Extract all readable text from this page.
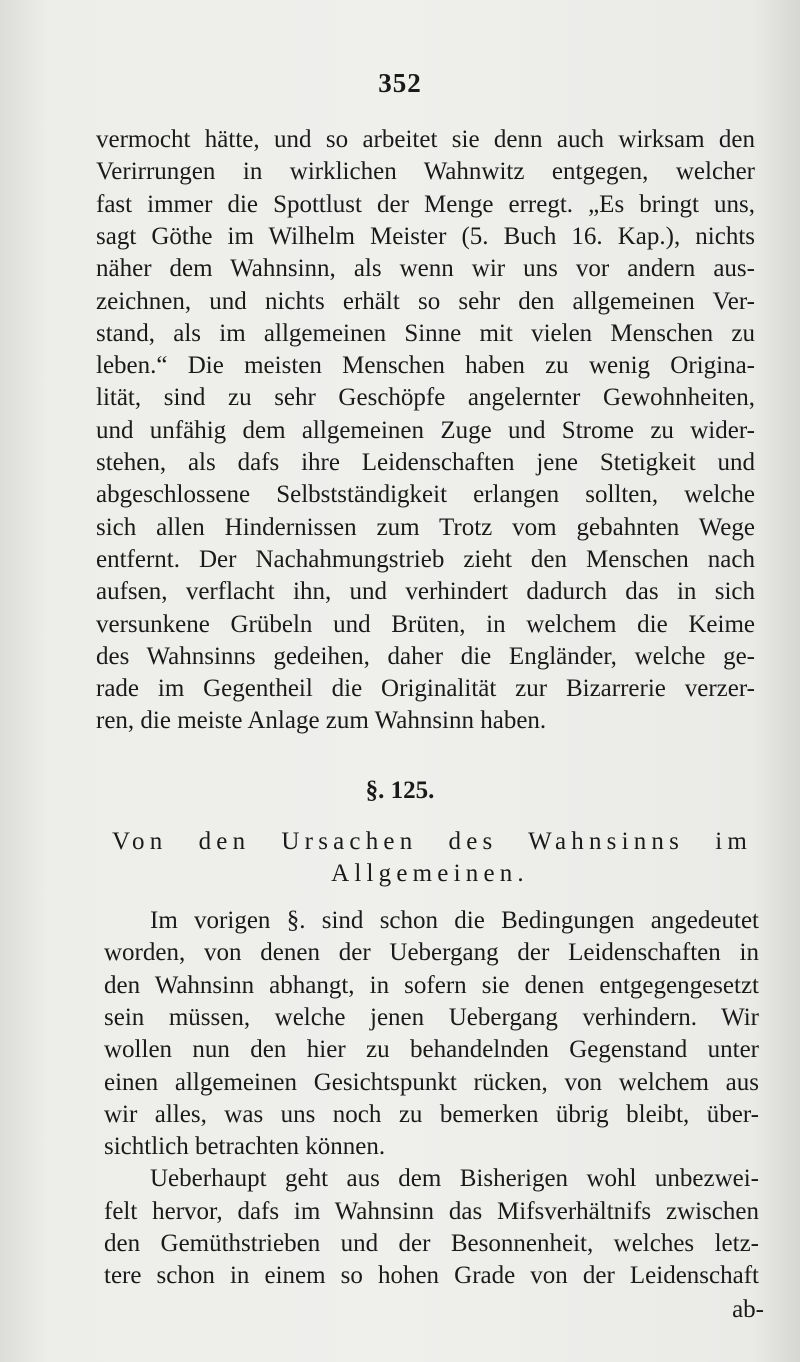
352
vermocht hätte, und so arbeitet sie denn auch wirksam den
Verirrungen in wirklichen Wahnwitz entgegen, welcher
fast immer die Spottlust der Menge erregt. „Es bringt uns,
sagt Göthe im Wilhelm Meister (5. Buch 16. Kap.), nichts
näher dem Wahnsinn, als wenn wir uns vor andern aus-
zeichnen, und nichts erhält so sehr den allgemeinen Ver-
stand, als im allgemeinen Sinne mit vielen Menschen zu
leben.“ Die meisten Menschen haben zu wenig Origina-
lität, sind zu sehr Geschöpfe angelernter Gewohnheiten,
und unfähig dem allgemeinen Zuge und Strome zu wider-
stehen, als dafs ihre Leidenschaften jene Stetigkeit und
abgeschlossene Selbstständigkeit erlangen sollten, welche
sich allen Hindernissen zum Trotz vom gebahnten Wege
entfernt. Der Nachahmungstrieb zieht den Menschen nach
aufsen, verflacht ihn, und verhindert dadurch das in sich
versunkene Grübeln und Brüten, in welchem die Keime
des Wahnsinns gedeihen, daher die Engländer, welche ge-
rade im Gegentheil die Originalität zur Bizarrerie verzer-
ren, die meiste Anlage zum Wahnsinn haben.
§. 125.
Von den Ursachen des Wahnsinns im
Allgemeinen.
Im vorigen §. sind schon die Bedingungen angedeutet
worden, von denen der Uebergang der Leidenschaften in
den Wahnsinn abhangt, in sofern sie denen entgegengesetzt
sein müssen, welche jenen Uebergang verhindern. Wir
wollen nun den hier zu behandelnden Gegenstand unter
einen allgemeinen Gesichtspunkt rücken, von welchem aus
wir alles, was uns noch zu bemerken übrig bleibt, über-
sichtlich betrachten können.
Ueberhaupt geht aus dem Bisherigen wohl unbezwei-
felt hervor, dafs im Wahnsinn das Mifsverhältnifs zwischen
den Gemüthstrieben und der Besonnenheit, welches letz-
tere schon in einem so hohen Grade von der Leidenschaft
ab-
